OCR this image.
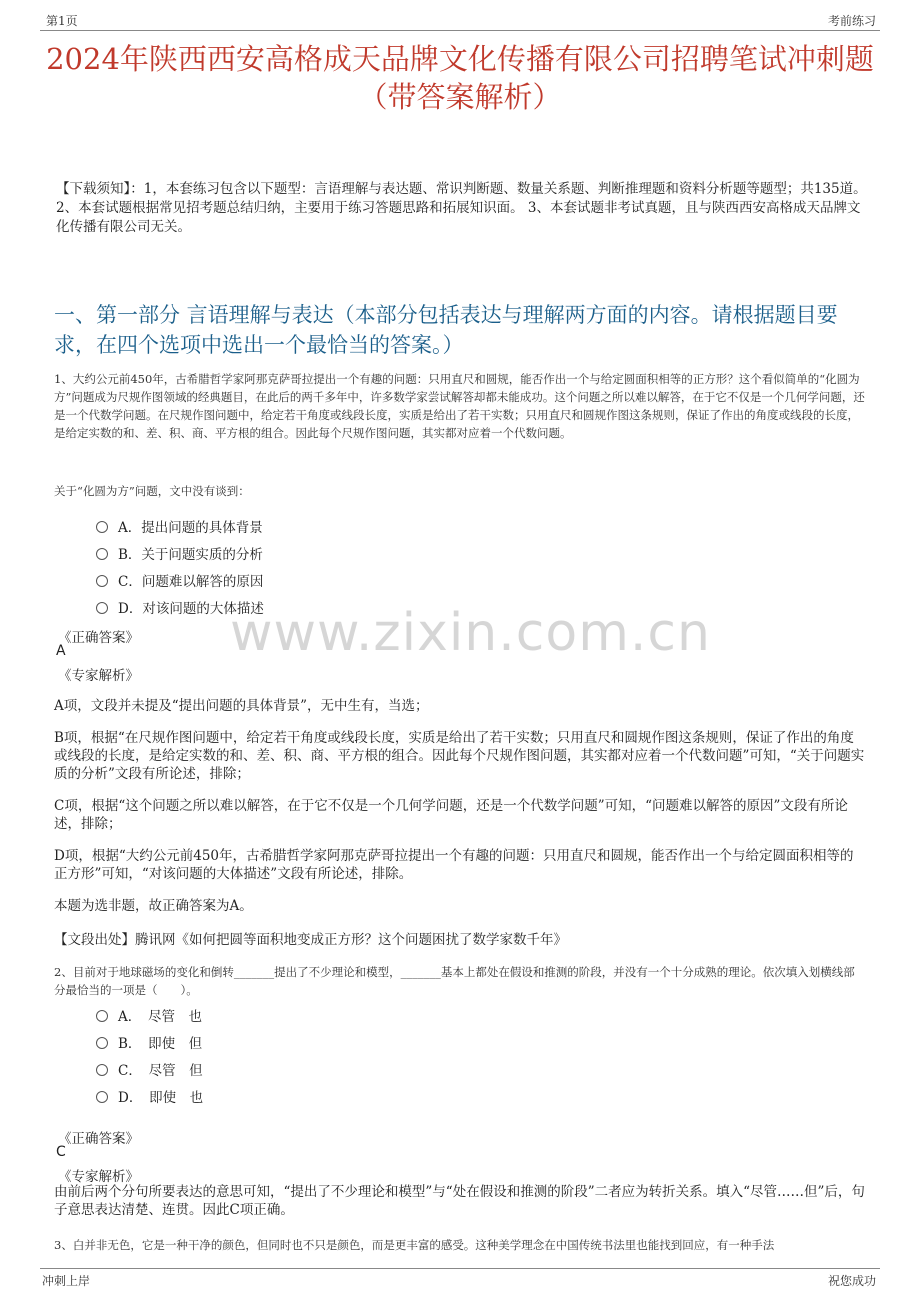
第1页	考前练习
2024年陕西西安高格成天品牌文化传播有限公司招聘笔试冲刺题（带答案解析）
【下载须知】：1，本套练习包含以下题型：言语理解与表达题、常识判断题、数量关系题、判断推理题和资料分析题等题型；共135道。 2、本套试题根据常见招考题总结归纳，主要用于练习答题思路和拓展知识面。 3、本套试题非考试真题，且与陕西西安高格成天品牌文化传播有限公司无关。
一、第一部分 言语理解与表达（本部分包括表达与理解两方面的内容。请根据题目要求，在四个选项中选出一个最恰当的答案。）
1、大约公元前450年，古希腊哲学家阿那克萨哥拉提出一个有趣的问题：只用直尺和圆规，能否作出一个与给定圆面积相等的正方形？这个看似简单的“化圆为方”问题成为尺规作图领域的经典题目，在此后的两千多年中，许多数学家尝试解答却都未能成功。这个问题之所以难以解答，在于它不仅是一个几何学问题，还是一个代数学问题。在尺规作图问题中，给定若干角度或线段长度，实质是给出了若干实数；只用直尺和圆规作图这条规则，保证了作出的角度或线段的长度，是给定实数的和、差、积、商、平方根的组合。因此每个尺规作图问题，其实都对应着一个代数问题。
关于“化圆为方”问题，文中没有谈到：
A．提出问题的具体背景
B．关于问题实质的分析
C．问题难以解答的原因
D．对该问题的大体描述
www.zixin.com.cn
《正确答案》
A
《专家解析》
A项，文段并未提及“提出问题的具体背景”，无中生有，当选；
B项，根据“在尺规作图问题中，给定若干角度或线段长度，实质是给出了若干实数；只用直尺和圆规作图这条规则，保证了作出的角度或线段的长度，是给定实数的和、差、积、商、平方根的组合。因此每个尺规作图问题，其实都对应着一个代数问题”可知，“关于问题实质的分析”文段有所论述，排除；
C项，根据“这个问题之所以难以解答，在于它不仅是一个几何学问题，还是一个代数学问题”可知，“问题难以解答的原因”文段有所论述，排除；
D项，根据“大约公元前450年，古希腊哲学家阿那克萨哥拉提出一个有趣的问题：只用直尺和圆规，能否作出一个与给定圆面积相等的正方形”可知，“对该问题的大体描述”文段有所论述，排除。
本题为选非题，故正确答案为A。
【文段出处】腾讯网《如何把圆等面积地变成正方形？这个问题困扰了数学家数千年》
2、目前对于地球磁场的变化和倒转_______提出了不少理论和模型，_______基本上都处在假设和推测的阶段，并没有一个十分成熟的理论。依次填入划横线部分最恰当的一项是（　　）。
A．　尽管　也
B．　即使　但
C．　尽管　但
D．　即使　也
《正确答案》
C
《专家解析》
由前后两个分句所要表达的意思可知，“提出了不少理论和模型”与“处在假设和推测的阶段”二者应为转折关系。填入“尽管……但”后，句子意思表达清楚、连贯。因此C项正确。
3、白并非无色，它是一种干净的颜色，但同时也不只是颜色，而是更丰富的感受。这种美学理念在中国传统书法里也能找到回应，有一种手法
冲刺上岸	祝您成功
